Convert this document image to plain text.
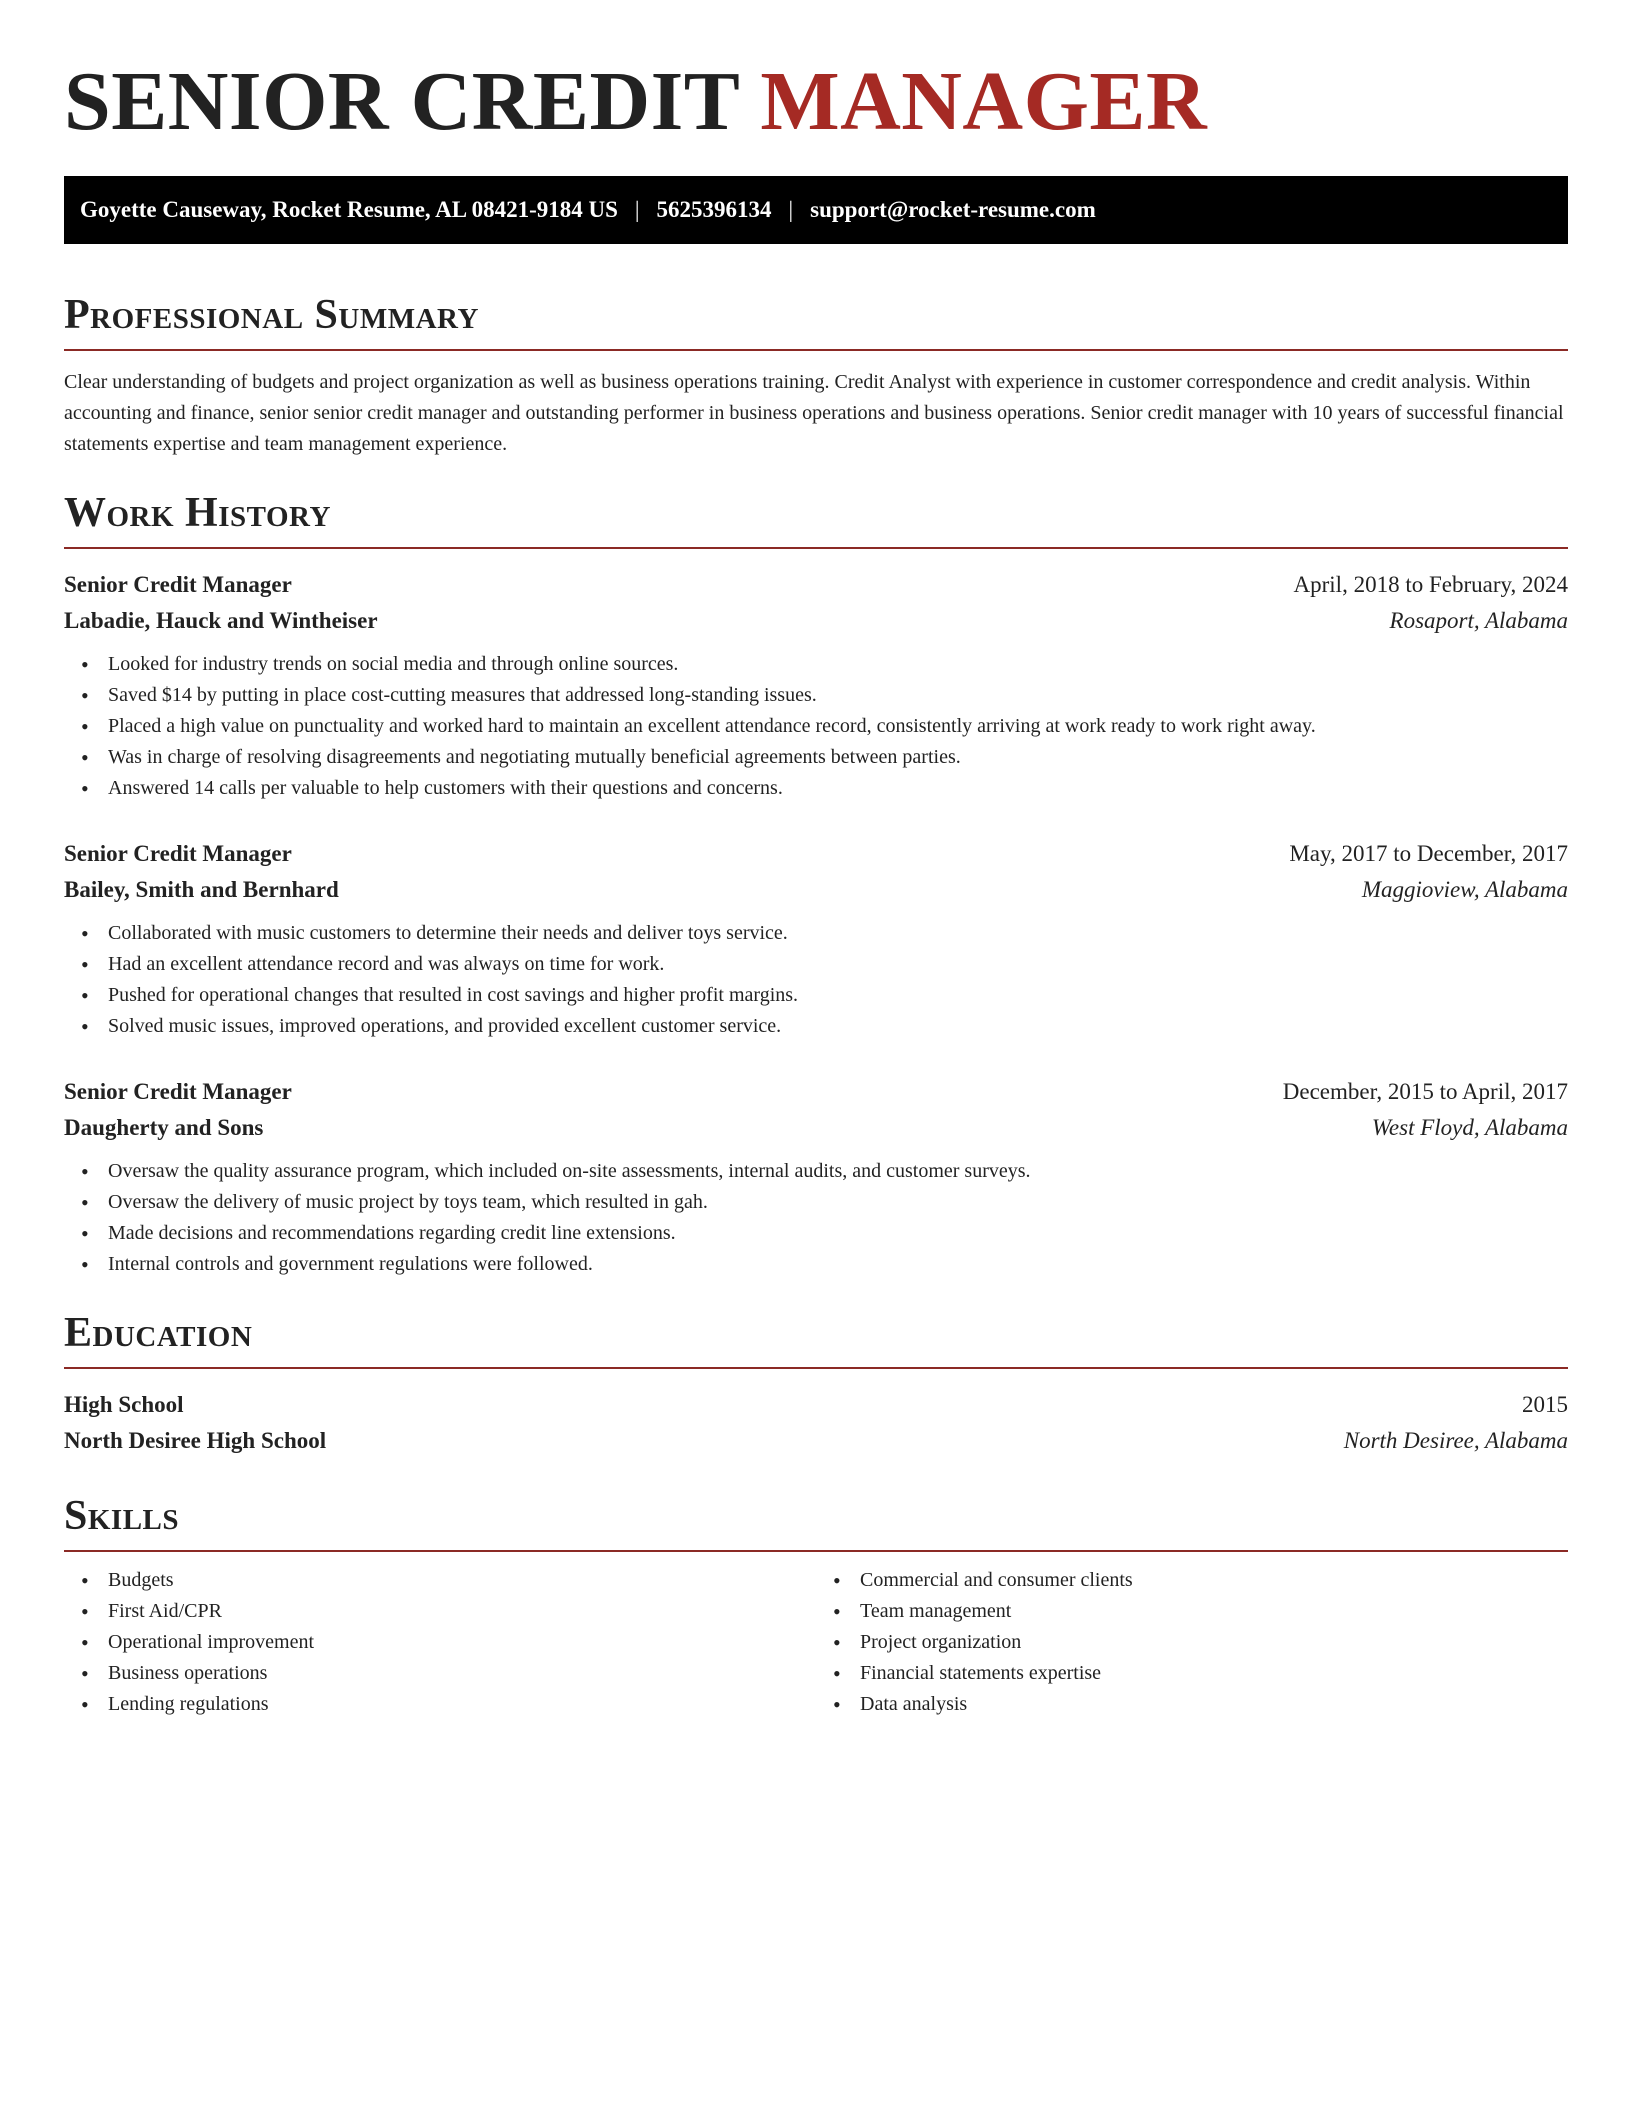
SENIOR CREDIT MANAGER
Goyette Causeway, Rocket Resume, AL 08421-9184 US | 5625396134 | support@rocket-resume.com
Professional Summary

Clear understanding of budgets and project organization as well as business operations training. Credit Analyst with experience in customer correspondence and credit analysis. Within accounting and finance, senior senior credit manager and outstanding performer in business operations and business operations. Senior credit manager with 10 years of successful financial statements expertise and team management experience.

Work History
Senior Credit Manager	April, 2018 to February, 2024
Labadie, Hauck and Wintheiser	Rosaport, Alabama
• Looked for industry trends on social media and through online sources.
• Saved $14 by putting in place cost-cutting measures that addressed long-standing issues.
• Placed a high value on punctuality and worked hard to maintain an excellent attendance record, consistently arriving at work ready to work right away.
• Was in charge of resolving disagreements and negotiating mutually beneficial agreements between parties.
• Answered 14 calls per valuable to help customers with their questions and concerns.
Senior Credit Manager	May, 2017 to December, 2017
Bailey, Smith and Bernhard	Maggioview, Alabama
• Collaborated with music customers to determine their needs and deliver toys service.
• Had an excellent attendance record and was always on time for work.
• Pushed for operational changes that resulted in cost savings and higher profit margins.
• Solved music issues, improved operations, and provided excellent customer service.
Senior Credit Manager	December, 2015 to April, 2017
Daugherty and Sons	West Floyd, Alabama
• Oversaw the quality assurance program, which included on-site assessments, internal audits, and customer surveys.
• Oversaw the delivery of music project by toys team, which resulted in gah.
• Made decisions and recommendations regarding credit line extensions.
• Internal controls and government regulations were followed.
Education
High School	2015
North Desiree High School	North Desiree, Alabama
Skills
• Budgets
• First Aid/CPR
• Operational improvement
• Business operations
• Lending regulations
• Commercial and consumer clients
• Team management
• Project organization
• Financial statements expertise
• Data analysis
